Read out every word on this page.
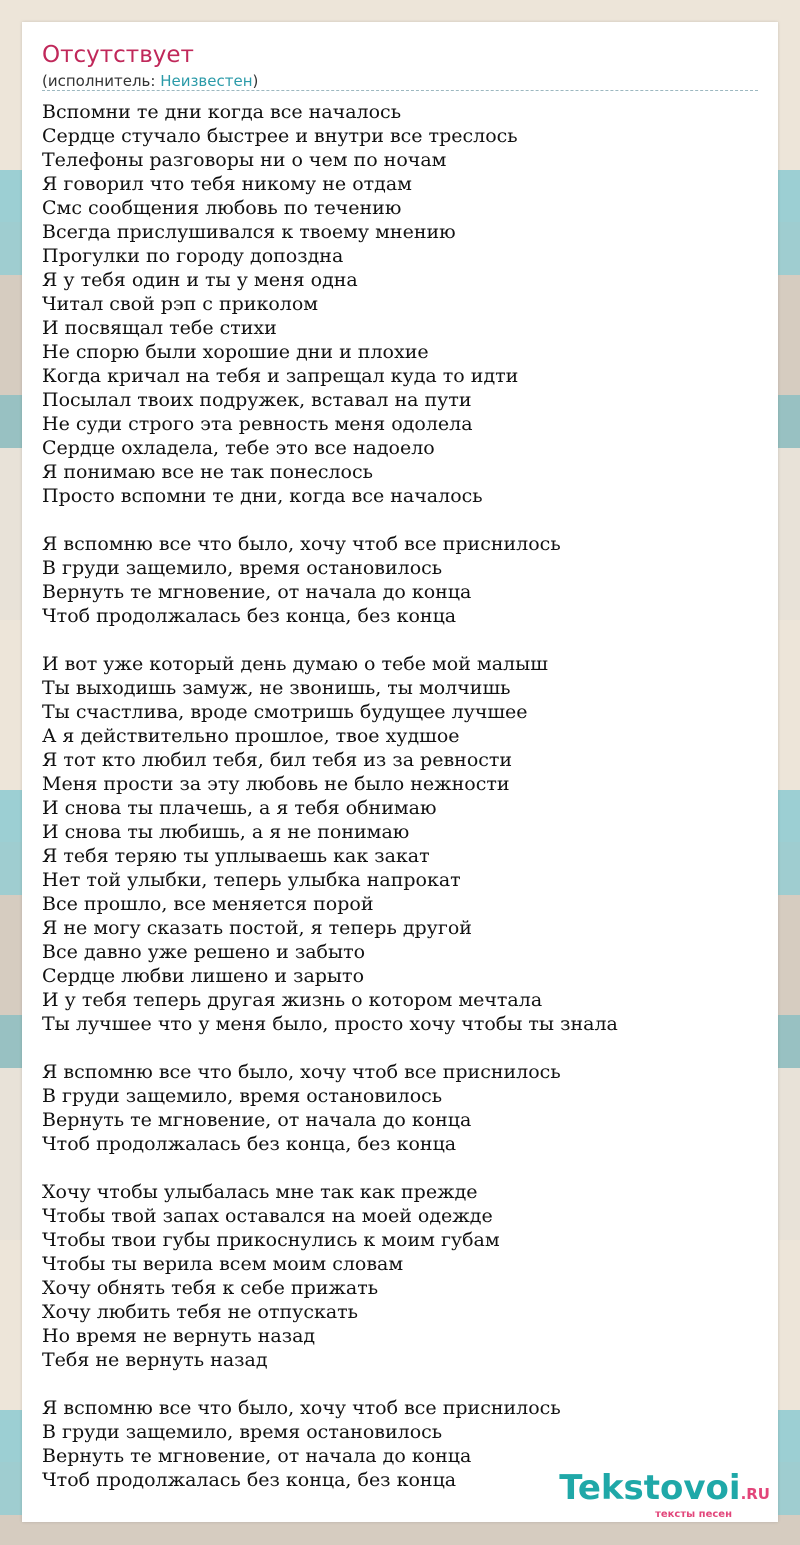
Отсутствует
(исполнитель: Неизвестен)
Вспомни те дни когда все началось
Сердце стучало быстрее и внутри все трeслось
Телефоны разговоры ни о чем по ночам
Я говорил что тебя никому не отдам
Смс сообщения любовь по течению
Всегда прислушивался к твоему мнению
Прогулки по городу допоздна
Я у тебя один и ты у меня одна
Читал свой рэп с приколом
И посвящал тебе стихи
Не спорю были хорошие дни и плохие
Когда кричал на тебя и запрещал куда то идти
Посылал твоих подружек, вставал на пути
Не суди строго эта ревность меня одолела
Сердце охладела, тебе это все надоело
Я понимаю все не так понеслось
Просто вспомни те дни, когда все началось
Я вспомню все что было, хочу чтоб все приснилось
В груди защемило, время остановилось
Вернуть те мгновение, от начала до конца
Чтоб продолжалась без конца, без конца
И вот уже который день думаю о тебе мой малыш
Ты выходишь замуж, не звонишь, ты молчишь
Ты счастлива, вроде смотришь будущее лучшее
А я действительно прошлое, твое худшое
Я тот кто любил тебя, бил тебя из за ревности
Меня прости за эту любовь не было нежности
И снова ты плачешь, а я тебя обнимаю
И снова ты любишь, а я не понимаю
Я тебя теряю ты уплываешь как закат
Нет той улыбки, теперь улыбка напрокат
Все прошло, все меняется порой
Я не могу сказать постой, я теперь другой
Все давно уже решено и забыто
Сердце любви лишено и зарыто
И у тебя теперь другая жизнь о котором мечтала
Ты лучшее что у меня было, просто хочу чтобы ты знала
Я вспомню все что было, хочу чтоб все приснилось
В груди защемило, время остановилось
Вернуть те мгновение, от начала до конца
Чтоб продолжалась без конца, без конца
Хочу чтобы улыбалась мне так как прежде
Чтобы твой запах оставался на моей одежде
Чтобы твои губы прикоснулись к моим губам
Чтобы ты верила всем моим словам
Хочу обнять тебя к себе прижать
Хочу любить тебя не отпускать
Но время не вернуть назад
Тебя не вернуть назад
Я вспомню все что было, хочу чтоб все приснилось
В груди защемило, время остановилось
Вернуть те мгновение, от начала до конца
Чтоб продолжалась без конца, без конца	Tekstovoi.RU
тексты песен
